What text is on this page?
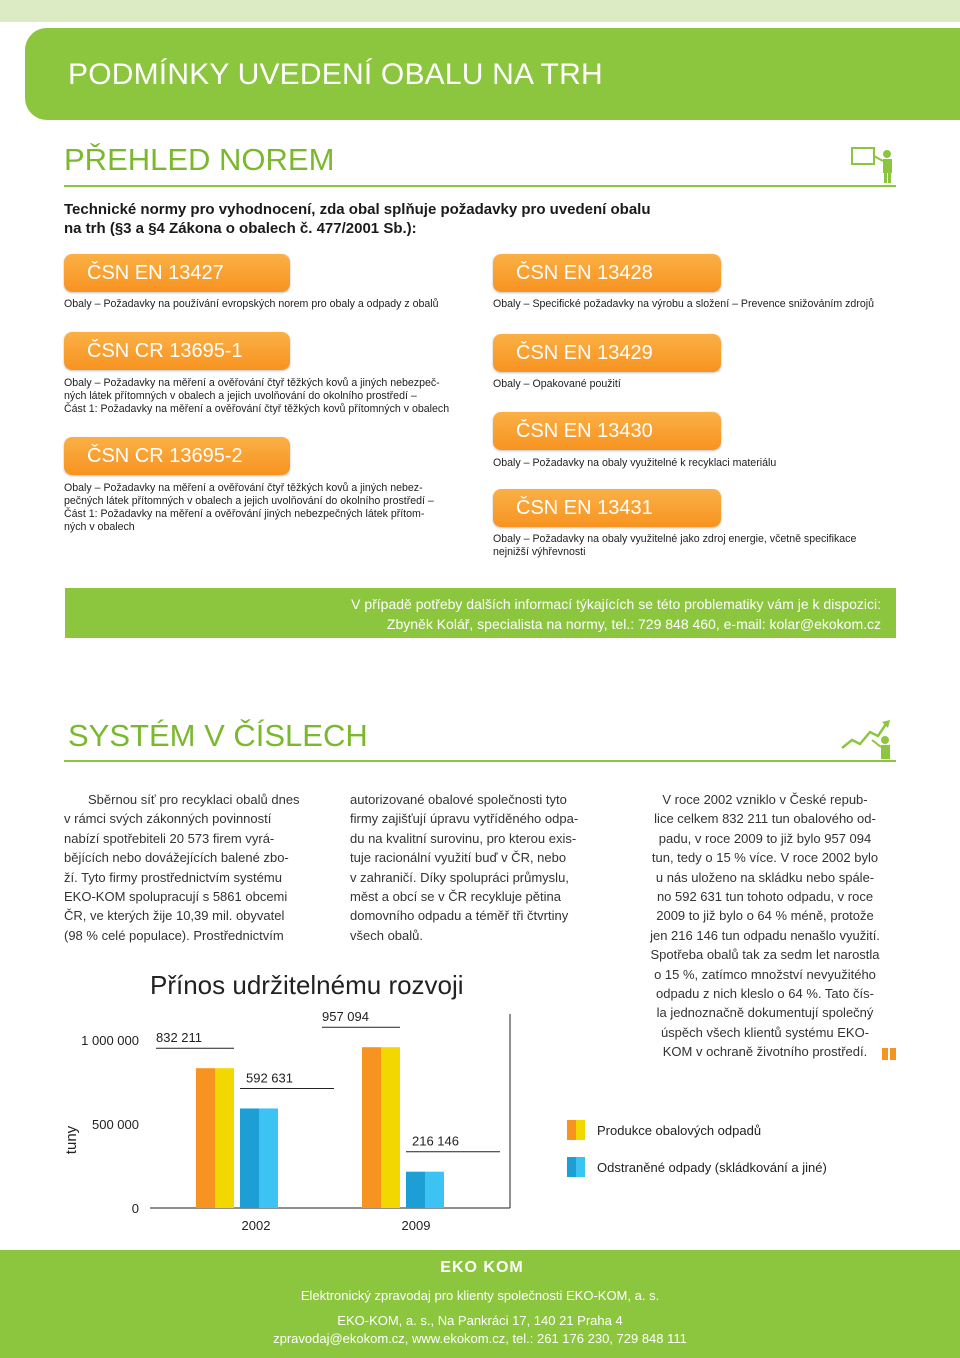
PODMÍNKY UVEDENÍ OBALU NA TRH
PŘEHLED NOREM
Technické normy pro vyhodnocení, zda obal splňuje požadavky pro uvedení obalu
na trh (§3 a §4 Zákona o obalech č. 477/2001 Sb.):
ČSN EN 13427
Obaly – Požadavky na používání evropských norem pro obaly a odpady z obalů
ČSN CR 13695-1
Obaly – Požadavky na měření a ověřování čtyř těžkých kovů a jiných nebezpeč-
ných látek přítomných v obalech a jejich uvolňování do okolního prostředí –
Část 1: Požadavky na měření a ověřování čtyř těžkých kovů přítomných v obalech
ČSN CR 13695-2
Obaly – Požadavky na měření a ověřování čtyř těžkých kovů a jiných nebez-
pečných látek přítomných v obalech a jejich uvolňování do okolního prostředí –
Část 1: Požadavky na měření a ověřování jiných nebezpečných látek přítom-
ných v obalech
ČSN EN 13428
Obaly – Specifické požadavky na výrobu a složení – Prevence snižováním zdrojů
ČSN EN 13429
Obaly – Opakované použití
ČSN EN 13430
Obaly – Požadavky na obaly využitelné k recyklaci materiálu
ČSN EN 13431
Obaly – Požadavky na obaly využitelné jako zdroj energie, včetně specifikace
nejnižší výhřevnosti
V případě potřeby dalších informací týkajících se této problematiky vám je k dispozici:
Zbyněk Kolář, specialista na normy, tel.: 729 848 460, e-mail: kolar@ekokom.cz
SYSTÉM V ČÍSLECH
Sběrnou síť pro recyklaci obalů dnes
v rámci svých zákonných povinností
nabízí spotřebiteli 20 573 firem vyrá-
bějících nebo dovážejících balené zbo-
ží. Tyto firmy prostřednictvím systému
EKO-KOM spolupracují s 5861 obcemi
ČR, ve kterých žije 10,39 mil. obyvatel
(98 % celé populace). Prostřednictvím
autorizované obalové společnosti tyto
firmy zajišťují úpravu vytříděného odpa-
du na kvalitní surovinu, pro kterou exis-
tuje racionální využití buď v ČR, nebo
v zahraničí. Díky spolupráci průmyslu,
měst a obcí se v ČR recykluje pětina
domovního odpadu a téměř tři čtvrtiny
všech obalů.
V roce 2002 vzniklo v České repub-
lice celkem 832 211 tun obalového od-
padu, v roce 2009 to již bylo 957 094
tun, tedy o 15 % více. V roce 2002 bylo
u nás uloženo na skládku nebo spále-
no 592 631 tun tohoto odpadu, v roce
2009 to již bylo o 64 % méně, protože
jen 216 146 tun odpadu nenašlo využití.
Spotřeba obalů tak za sedm let narostla
o 15 %, zatímco množství nevyužitého
odpadu z nich kleslo o 64 %. Tato čís-
la jednoznačně dokumentují společný
úspěch všech klientů systému EKO-
KOM v ochraně životního prostředí.
Přínos udržitelnému rozvoji
0
500 000
1 000 000
tuny
832 211
592 631
957 094
216 146
2002	2009
Produkce obalových odpadů
Odstraněné odpady (skládkování a jiné)
EKO KOM
Elektronický zpravodaj pro klienty společnosti EKO-KOM, a. s.
EKO-KOM, a. s., Na Pankráci 17, 140 21 Praha 4
zpravodaj@ekokom.cz, www.ekokom.cz, tel.: 261 176 230, 729 848 111
